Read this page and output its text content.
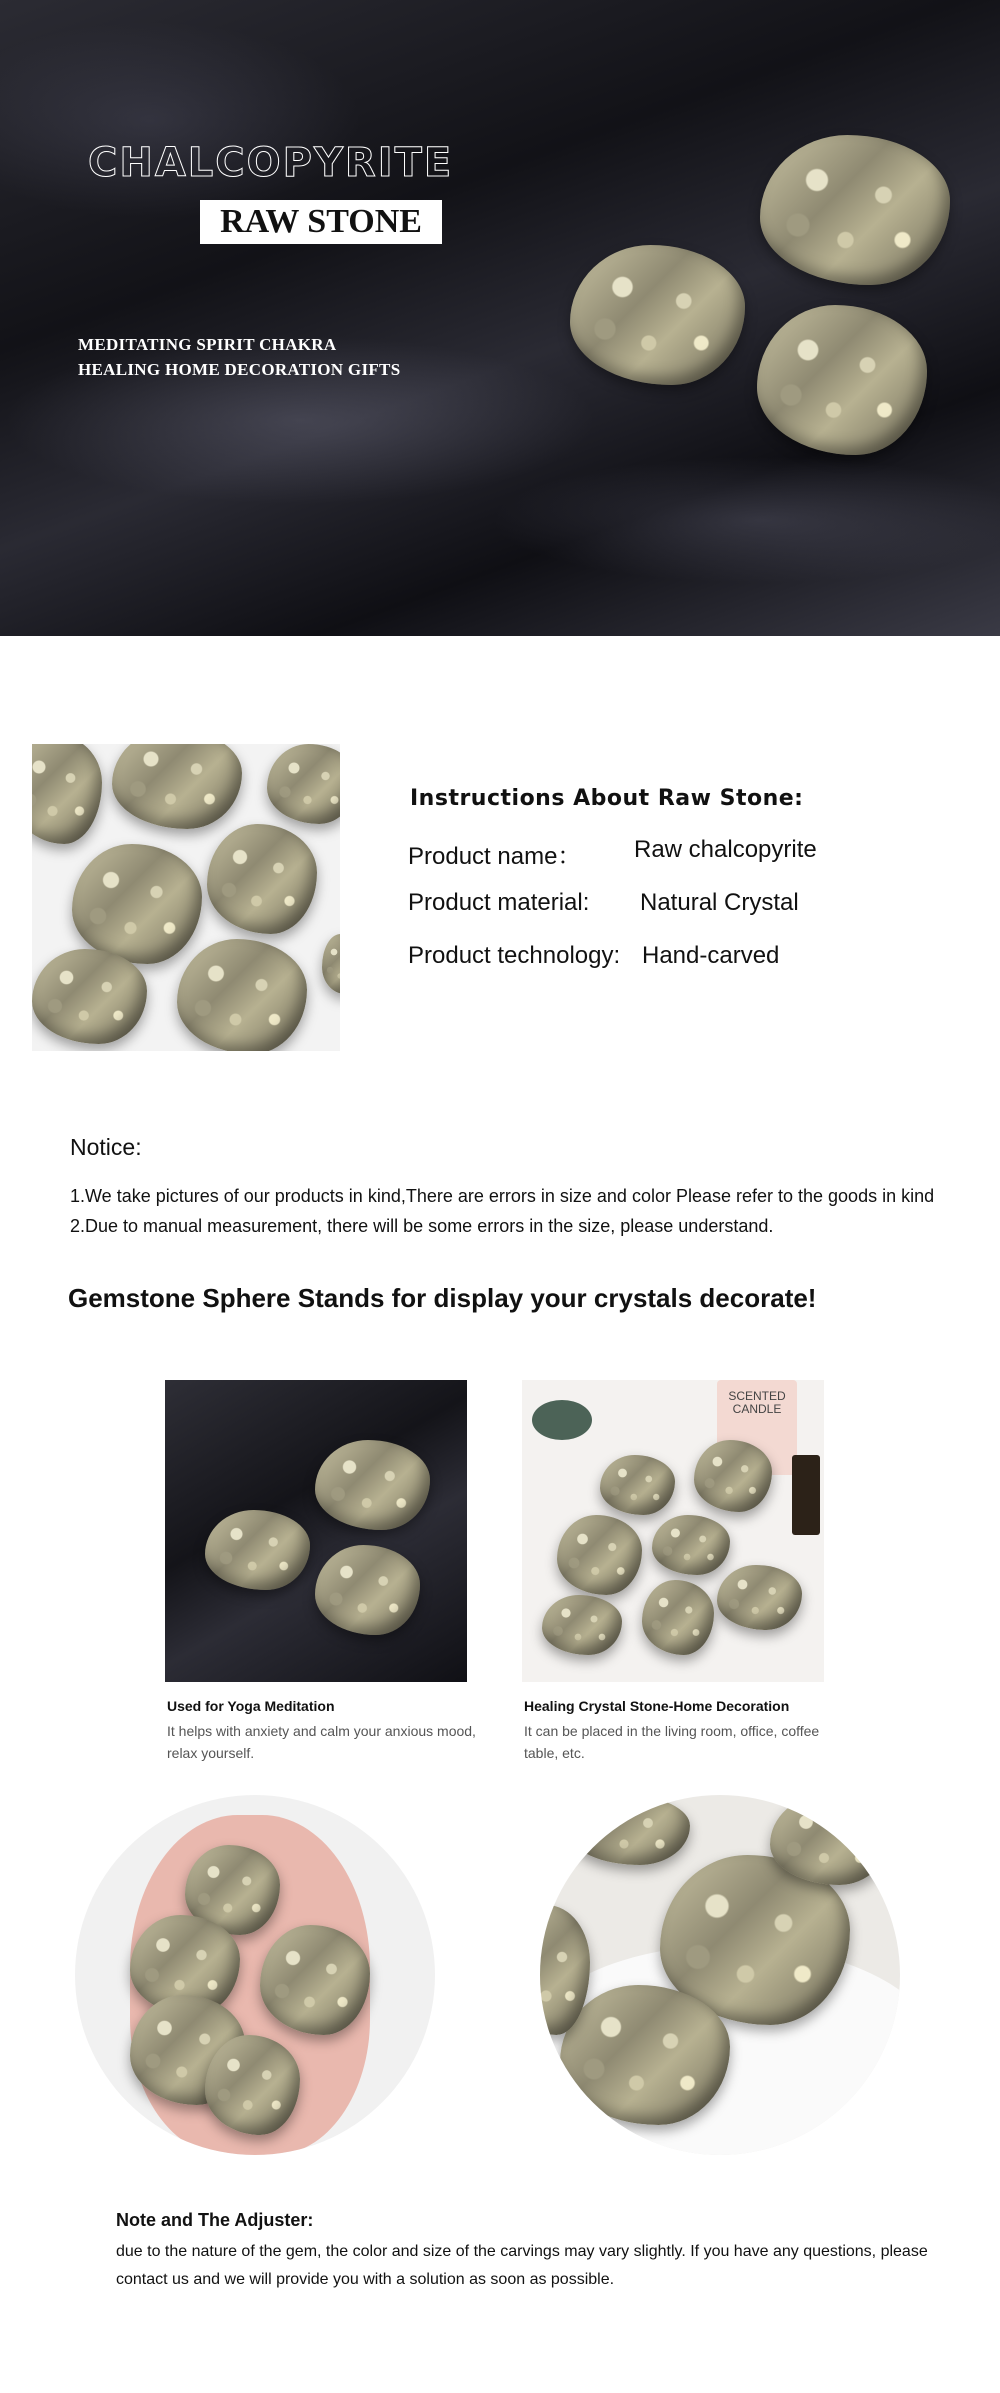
CHALCOPYRITE
RAW STONE
MEDITATING SPIRIT CHAKRA
HEALING HOME DECORATION GIFTS
Instructions About Raw Stone:
Product name： Raw chalcopyrite
Product material: Natural Crystal
Product technology: Hand-carved
Notice:
1.We take pictures of our products in kind,There are errors in size and color Please refer to the goods in kind
2.Due to manual measurement, there will be some errors in the size, please understand.
Gemstone Sphere Stands for display your crystals decorate!
Used for Yoga Meditation
It helps with anxiety and calm your anxious mood, relax yourself.
SCENTED CANDLE
Healing Crystal Stone-Home Decoration
It can be placed in the living room, office, coffee table, etc.
Note and The Adjuster:
due to the nature of the gem, the color and size of the carvings may vary slightly. If you have any questions, please contact us and we will provide you with a solution as soon as possible.
